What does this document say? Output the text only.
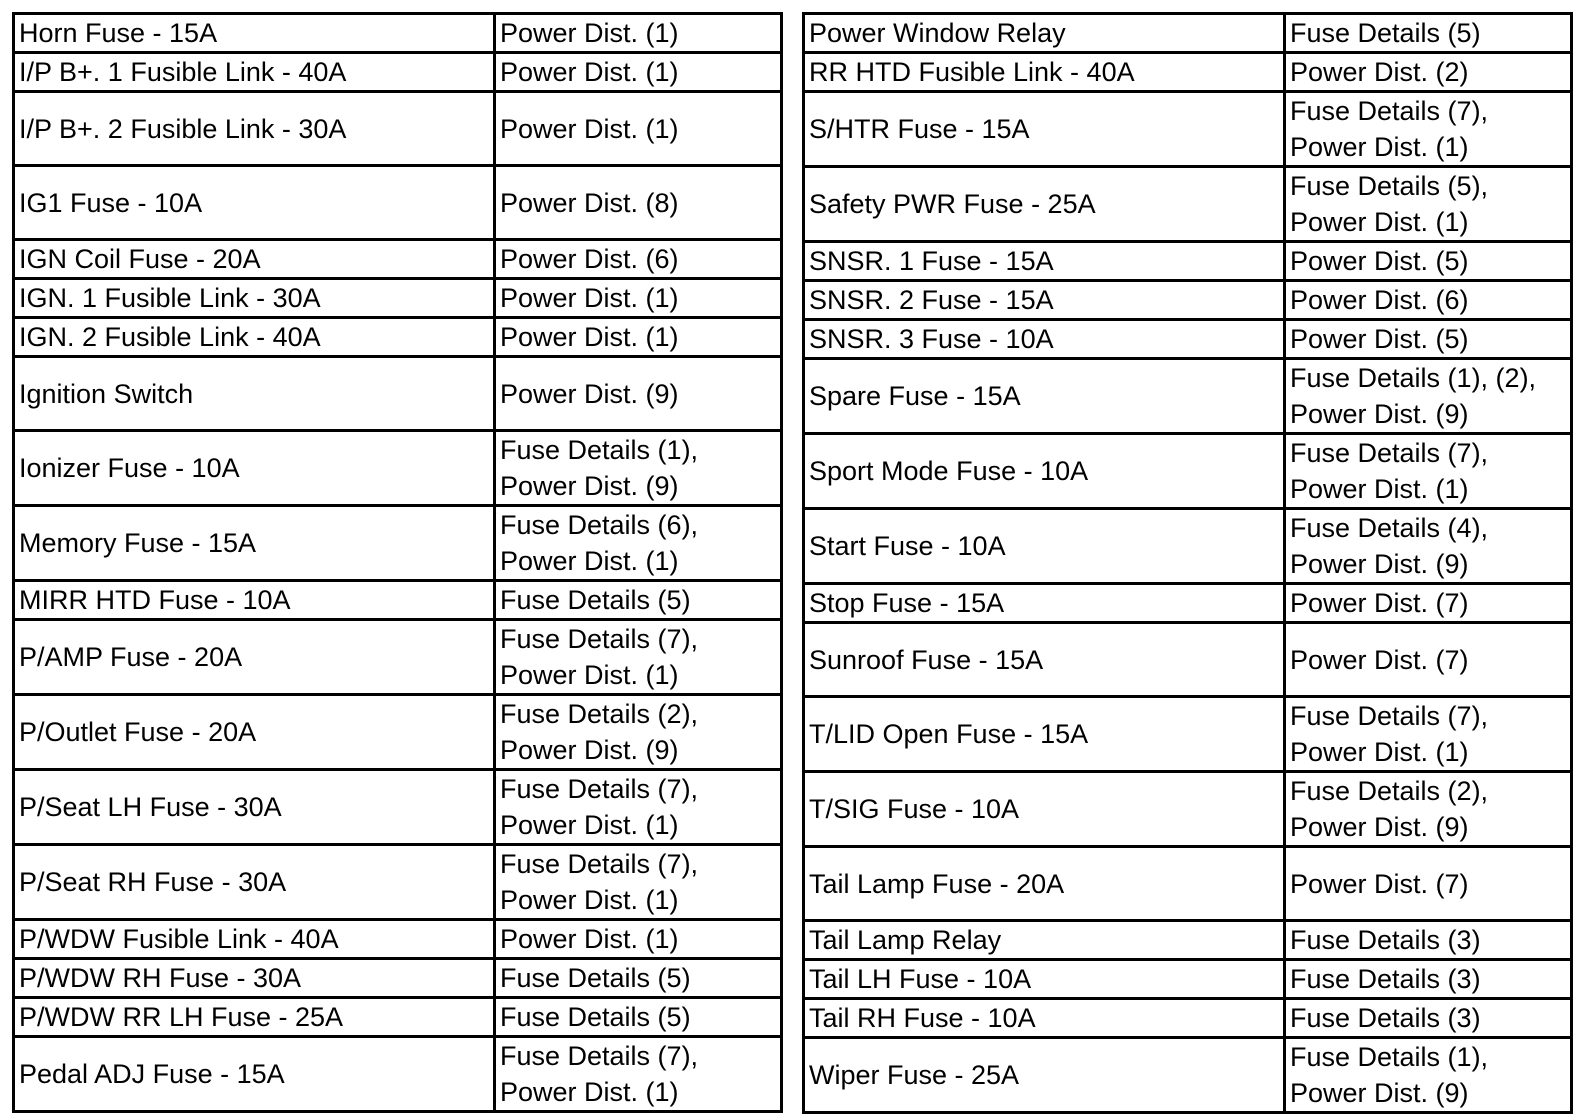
Horn Fuse - 15A	Power Dist. (1)

I/P B+. 1 Fusible Link - 40A	Power Dist. (1)

I/P B+. 2 Fusible Link - 30A	Power Dist. (1)

IG1 Fuse - 10A	Power Dist. (8)

IGN Coil Fuse - 20A	Power Dist. (6)

IGN. 1 Fusible Link - 30A	Power Dist. (1)

IGN. 2 Fusible Link - 40A	Power Dist. (1)

Ignition Switch	Power Dist. (9)

Ionizer Fuse - 10A	Fuse Details (1),
Power Dist. (9)

Memory Fuse - 15A	Fuse Details (6),
Power Dist. (1)

MIRR HTD Fuse - 10A	Fuse Details (5)

P/AMP Fuse - 20A	Fuse Details (7),
Power Dist. (1)

P/Outlet Fuse - 20A	Fuse Details (2),
Power Dist. (9)

P/Seat LH Fuse - 30A	Fuse Details (7),
Power Dist. (1)

P/Seat RH Fuse - 30A	Fuse Details (7),
Power Dist. (1)

P/WDW Fusible Link - 40A	Power Dist. (1)

P/WDW RH Fuse - 30A	Fuse Details (5)

P/WDW RR LH Fuse - 25A	Fuse Details (5)

Pedal ADJ Fuse - 15A	Fuse Details (7),
Power Dist. (1)
Power Window Relay	Fuse Details (5)

RR HTD Fusible Link - 40A	Power Dist. (2)

S/HTR Fuse - 15A	Fuse Details (7),
Power Dist. (1)

Safety PWR Fuse - 25A	Fuse Details (5),
Power Dist. (1)

SNSR. 1 Fuse - 15A	Power Dist. (5)

SNSR. 2 Fuse - 15A	Power Dist. (6)

SNSR. 3 Fuse - 10A	Power Dist. (5)

Spare Fuse - 15A	Fuse Details (1), (2),
Power Dist. (9)

Sport Mode Fuse - 10A	Fuse Details (7),
Power Dist. (1)

Start Fuse - 10A	Fuse Details (4),
Power Dist. (9)

Stop Fuse - 15A	Power Dist. (7)

Sunroof Fuse - 15A	Power Dist. (7)

T/LID Open Fuse - 15A	Fuse Details (7),
Power Dist. (1)

T/SIG Fuse - 10A	Fuse Details (2),
Power Dist. (9)

Tail Lamp Fuse - 20A	Power Dist. (7)

Tail Lamp Relay	Fuse Details (3)

Tail LH Fuse - 10A	Fuse Details (3)

Tail RH Fuse - 10A	Fuse Details (3)

Wiper Fuse - 25A	Fuse Details (1),
Power Dist. (9)
